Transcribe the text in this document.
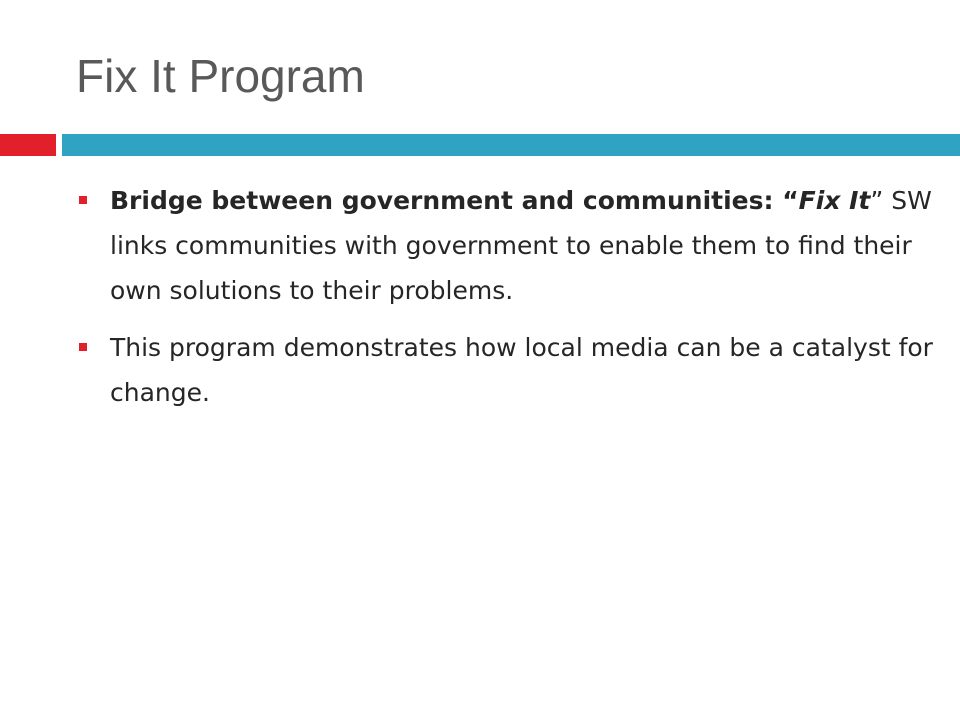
Fix It Program
Bridge between government and communities: “Fix It” SW links communities with government to enable them to find their own solutions to their problems.
This program demonstrates how local media can be a catalyst for change.
